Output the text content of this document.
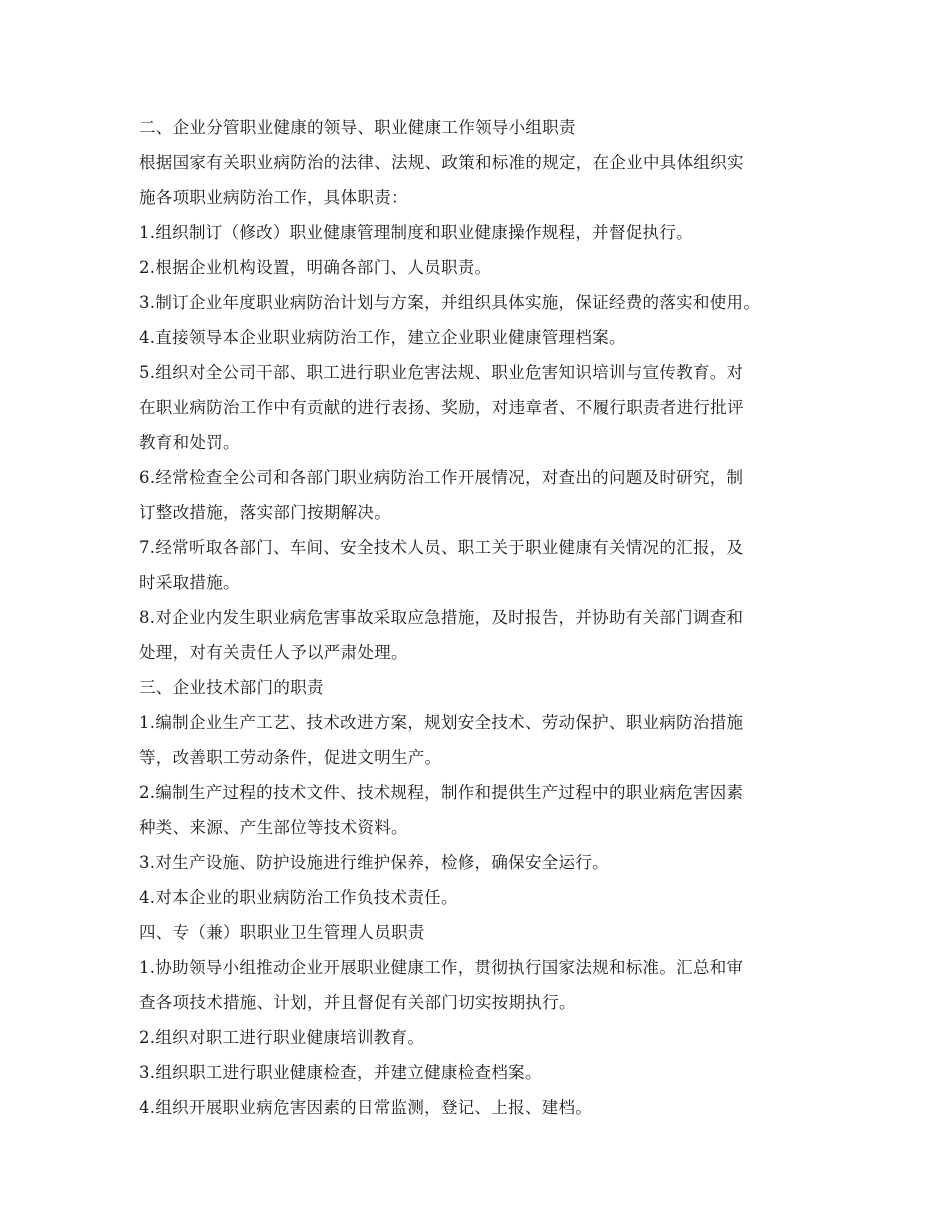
二、企业分管职业健康的领导、职业健康工作领导小组职责
根据国家有关职业病防治的法律、法规、政策和标准的规定，在企业中具体组织实
施各项职业病防治工作，具体职责：
1.组织制订（修改）职业健康管理制度和职业健康操作规程，并督促执行。
2.根据企业机构设置，明确各部门、人员职责。
3.制订企业年度职业病防治计划与方案，并组织具体实施，保证经费的落实和使用。
4.直接领导本企业职业病防治工作，建立企业职业健康管理档案。
5.组织对全公司干部、职工进行职业危害法规、职业危害知识培训与宣传教育。对
在职业病防治工作中有贡献的进行表扬、奖励，对违章者、不履行职责者进行批评
教育和处罚。
6.经常检查全公司和各部门职业病防治工作开展情况，对查出的问题及时研究，制
订整改措施，落实部门按期解决。
7.经常听取各部门、车间、安全技术人员、职工关于职业健康有关情况的汇报，及
时采取措施。
8.对企业内发生职业病危害事故采取应急措施，及时报告，并协助有关部门调查和
处理，对有关责任人予以严肃处理。
三、企业技术部门的职责
1.编制企业生产工艺、技术改进方案，规划安全技术、劳动保护、职业病防治措施
等，改善职工劳动条件，促进文明生产。
2.编制生产过程的技术文件、技术规程，制作和提供生产过程中的职业病危害因素
种类、来源、产生部位等技术资料。
3.对生产设施、防护设施进行维护保养，检修，确保安全运行。
4.对本企业的职业病防治工作负技术责任。
四、专（兼）职职业卫生管理人员职责
1.协助领导小组推动企业开展职业健康工作，贯彻执行国家法规和标准。汇总和审
查各项技术措施、计划，并且督促有关部门切实按期执行。
2.组织对职工进行职业健康培训教育。
3.组织职工进行职业健康检查，并建立健康检查档案。
4.组织开展职业病危害因素的日常监测，登记、上报、建档。
